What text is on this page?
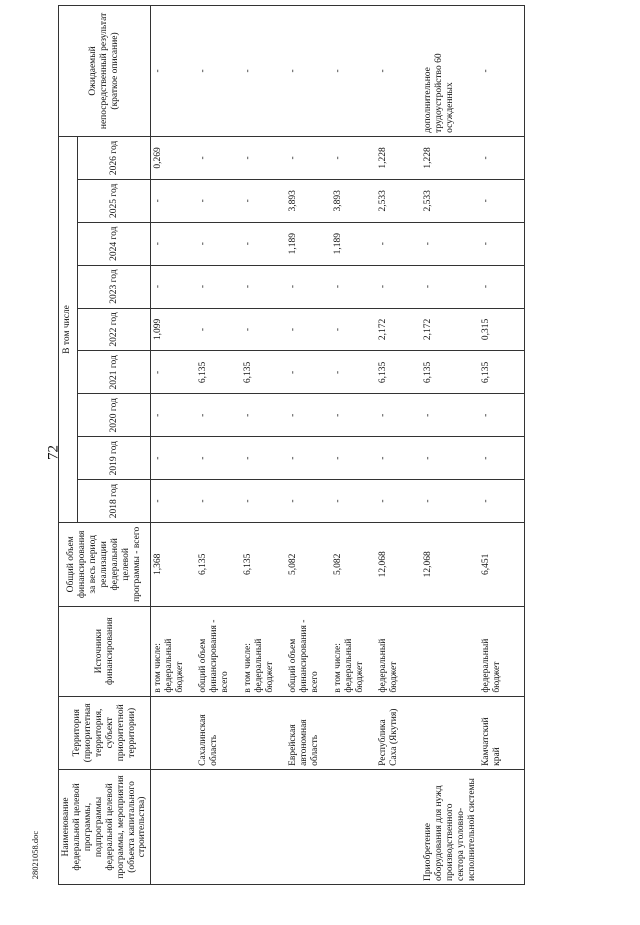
72
28021058.doc Наименование федеральной целевой программы, подпрограммы федеральной целевой программы, мероприятия (объекта капитального строительства)	Территория (приоритетная территория, субъект приоритетной территории)	Источники финансирования	Общий объем финансирования за весь период реализации федеральной целевой программы - всего	В том числе									Ожидаемый непосредственный результат (краткое описание)
				2018 год	2019 год	2020 год	2021 год	2022 год	2023 год	2024 год	2025 год	2026 год	
		в том числе: федеральный бюджет	1,368	-	-	-	-	1,099	-	-	-	0,269	-
	Сахалинская область	общий объем финансирования - всего	6,135	-	-	-	6,135	-	-	-	-	-	-
		в том числе: федеральный бюджет	6,135	-	-	-	6,135	-	-	-	-	-	-
	Еврейская автономная область	общий объем финансирования - всего	5,082	-	-	-	-	-	-	1,189	3,893	-	-
		в том числе: федеральный бюджет	5,082	-	-	-	-	-	-	1,189	3,893	-	-
	Республика Саха (Якутия)	федеральный бюджет	12,068	-	-	-	6,135	2,172	-	-	2,533	1,228	-
Приобретение оборудования для нужд производственного сектора уголовно-исполнительной системы			12,068	-	-	-	6,135	2,172	-	-	2,533	1,228	дополнительное трудоустройство 60 осужденных
	Камчатский край	федеральный бюджет	6,451	-	-	-	6,135	0,315	-	-	-	-	-
